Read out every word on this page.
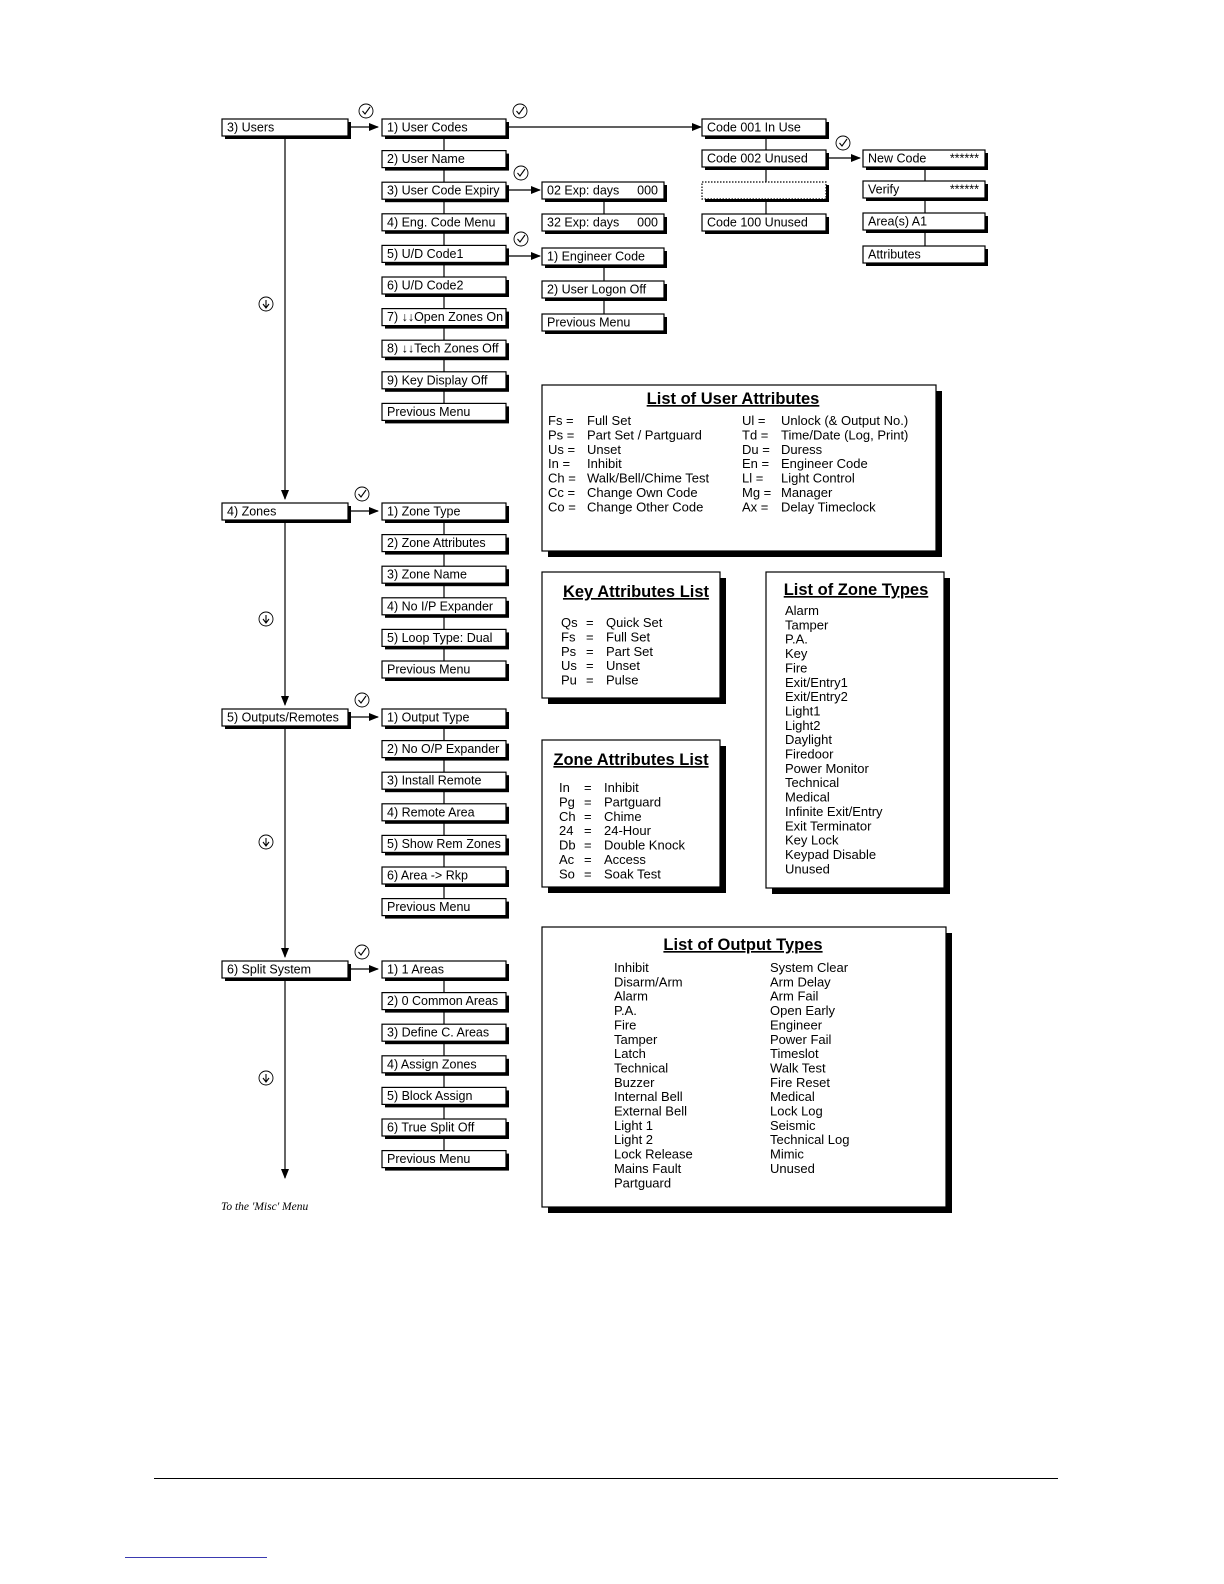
3) Users
4) Zones
5) Outputs/Remotes
6) Split System
1) User Codes
2) User Name
3) User Code Expiry
4) Eng. Code Menu
5) U/D Code1
6) U/D Code2
7) ↓↓Open Zones On
8) ↓↓Tech Zones Off
9) Key Display Off
Previous Menu
1) Zone Type
2) Zone Attributes
3) Zone Name
4) No I/P Expander
5) Loop Type: Dual
Previous Menu
1) Output Type
2) No O/P Expander
3) Install Remote
4) Remote Area
5) Show Rem Zones
6) Area -> Rkp
Previous Menu
1) 1 Areas
2) 0 Common Areas
3) Define C. Areas
4) Assign Zones
5) Block Assign
6) True Split Off
Previous Menu
Code 001 In Use
Code 002 Unused
Code 100 Unused
New Code ******
Verify	******
Area(s) A1
Attributes
02 Exp: days 000
32 Exp: days 000
1) Engineer Code
2) User Logon Off
Previous Menu
List of User Attributes
Fs = Full Set
Ps = Part Set / Partguard
Us = Unset
In = Inhibit
Ch = Walk/Bell/Chime Test
Cc = Change Own Code
Co = Change Other Code
Ul = Unlock (& Output No.)
Td = Time/Date (Log, Print)
Du = Duress
En = Engineer Code
Ll = Light Control
Mg = Manager
Ax = Delay Timeclock
Key Attributes List
Qs = Quick Set
Fs = Full Set
Ps = Part Set
Us = Unset
Pu = Pulse
Zone Attributes List
In = Inhibit
Pg = Partguard
Ch = Chime
24 = 24-Hour
Db = Double Knock
Ac = Access
So = Soak Test
List of Zone Types
Alarm
Tamper
P.A.
Key
Fire
Exit/Entry1
Exit/Entry2
Light1
Light2
Daylight
Firedoor
Power Monitor
Technical
Medical
Infinite Exit/Entry
Exit Terminator
Key Lock
Keypad Disable
Unused
List of Output Types
Inhibit
Disarm/Arm
Alarm
P.A.
Fire
Tamper
Latch
Technical
Buzzer
Internal Bell
External Bell
Light 1
Light 2
Lock Release
Mains Fault
Partguard
System Clear
Arm Delay
Arm Fail
Open Early
Engineer
Power Fail
Timeslot
Walk Test
Fire Reset
Medical
Lock Log
Seismic
Technical Log
Mimic
Unused
To the 'Misc' Menu
